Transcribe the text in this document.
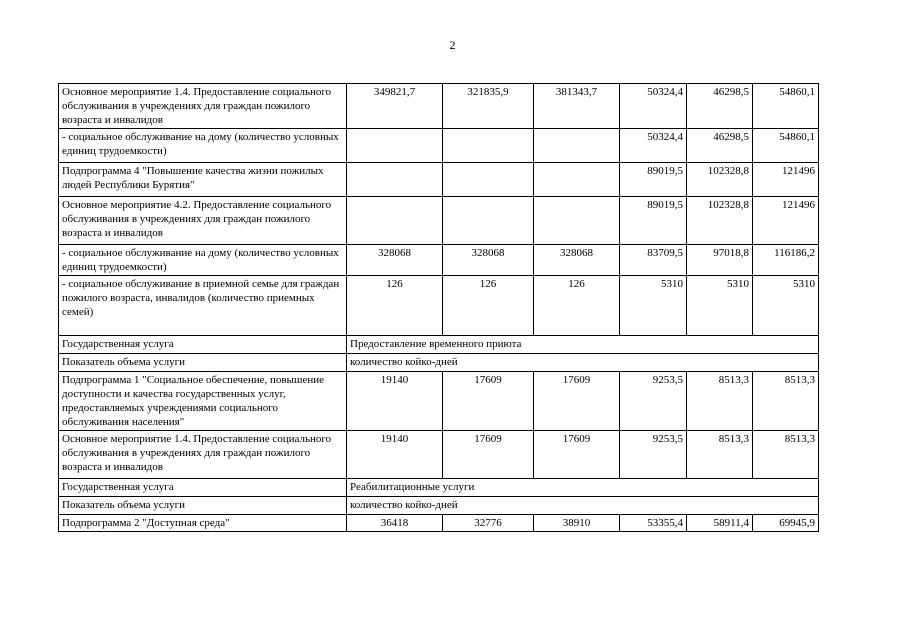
2
Основное мероприятие 1.4. Предоставление социального обслуживания в учреждениях для граждан пожилого возраста и инвалидов	349821,7	321835,9	381343,7	50324,4	46298,5	54860,1
- социальное обслуживание на дому (количество условных единиц трудоемкости)				50324,4	46298,5	54860,1
Подпрограмма 4 "Повышение качества жизни пожилых людей Республики Бурятия"				89019,5	102328,8	121496
Основное мероприятие 4.2. Предоставление социального обслуживания в учреждениях для граждан пожилого возраста и инвалидов				89019,5	102328,8	121496
- социальное обслуживание на дому (количество условных единиц трудоемкости)	328068	328068	328068	83709,5	97018,8	116186,2
- социальное обслуживание в приемной семье для граждан пожилого возраста, инвалидов (количество приемных семей)	126	126	126	5310	5310	5310
Государственная услуга	Предоставление временного приюта					
Показатель объема услуги	количество койко-дней					
Подпрограмма 1 "Социальное обеспечение, повышение доступности и качества государственных услуг, предоставляемых учреждениями социального обслуживания населения"	19140	17609	17609	9253,5	8513,3	8513,3
Основное мероприятие 1.4. Предоставление социального обслуживания в учреждениях для граждан пожилого возраста и инвалидов	19140	17609	17609	9253,5	8513,3	8513,3
Государственная услуга	Реабилитационные услуги					
Показатель объема услуги	количество койко-дней					
Подпрограмма 2 "Доступная среда"	36418	32776	38910	53355,4	58911,4	69945,9
